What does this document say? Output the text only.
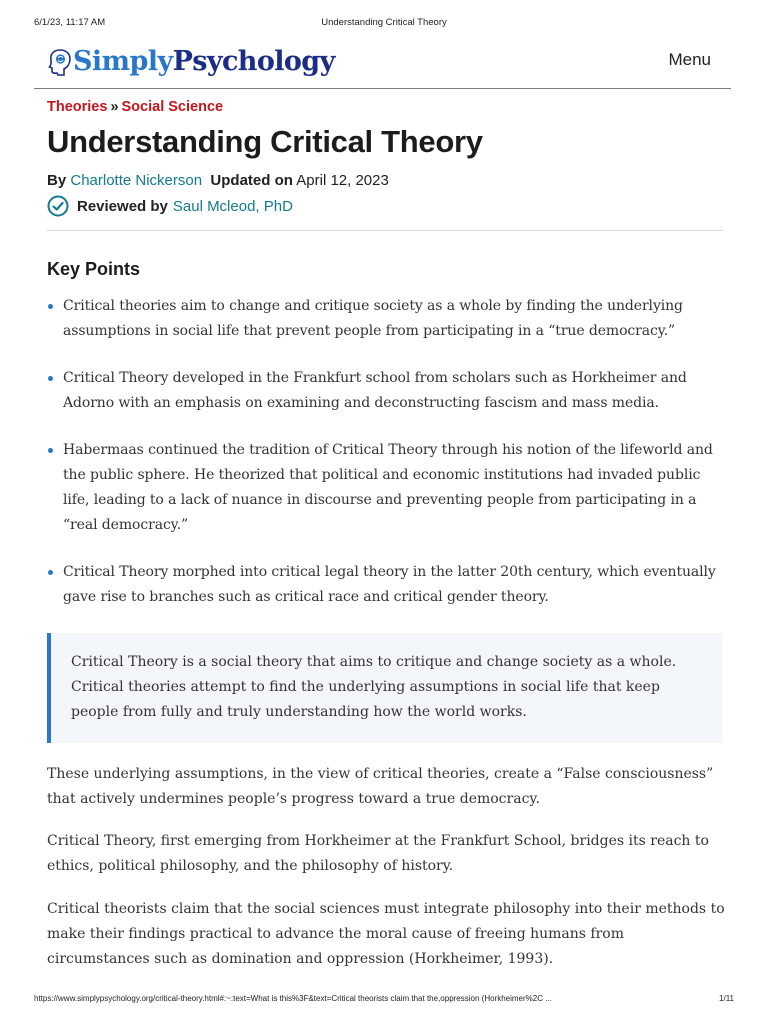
6/1/23, 11:17 AM	Understanding Critical Theory
SimplyPsychology	Menu
Theories » Social Science
Understanding Critical Theory
By Charlotte Nickerson Updated on April 12, 2023
Reviewed by Saul Mcleod, PhD
Key Points
Critical theories aim to change and critique society as a whole by finding the underlying assumptions in social life that prevent people from participating in a “true democracy.”
Critical Theory developed in the Frankfurt school from scholars such as Horkheimer and Adorno with an emphasis on examining and deconstructing fascism and mass media.
Habermaas continued the tradition of Critical Theory through his notion of the lifeworld and the public sphere. He theorized that political and economic institutions had invaded public life, leading to a lack of nuance in discourse and preventing people from participating in a “real democracy.”
Critical Theory morphed into critical legal theory in the latter 20th century, which eventually gave rise to branches such as critical race and critical gender theory.

Critical Theory is a social theory that aims to critique and change society as a whole. Critical theories attempt to find the underlying assumptions in social life that keep people from fully and truly understanding how the world works.

These underlying assumptions, in the view of critical theories, create a “False consciousness” that actively undermines people’s progress toward a true democracy.

Critical Theory, first emerging from Horkheimer at the Frankfurt School, bridges its reach to ethics, political philosophy, and the philosophy of history.

Critical theorists claim that the social sciences must integrate philosophy into their methods to make their findings practical to advance the moral cause of freeing humans from circumstances such as domination and oppression (Horkheimer, 1993).

https://www.simplypsychology.org/critical-theory.html#:~:text=What is this%3F&text=Critical theorists claim that the,oppression (Horkheimer%2C ...	1/11
